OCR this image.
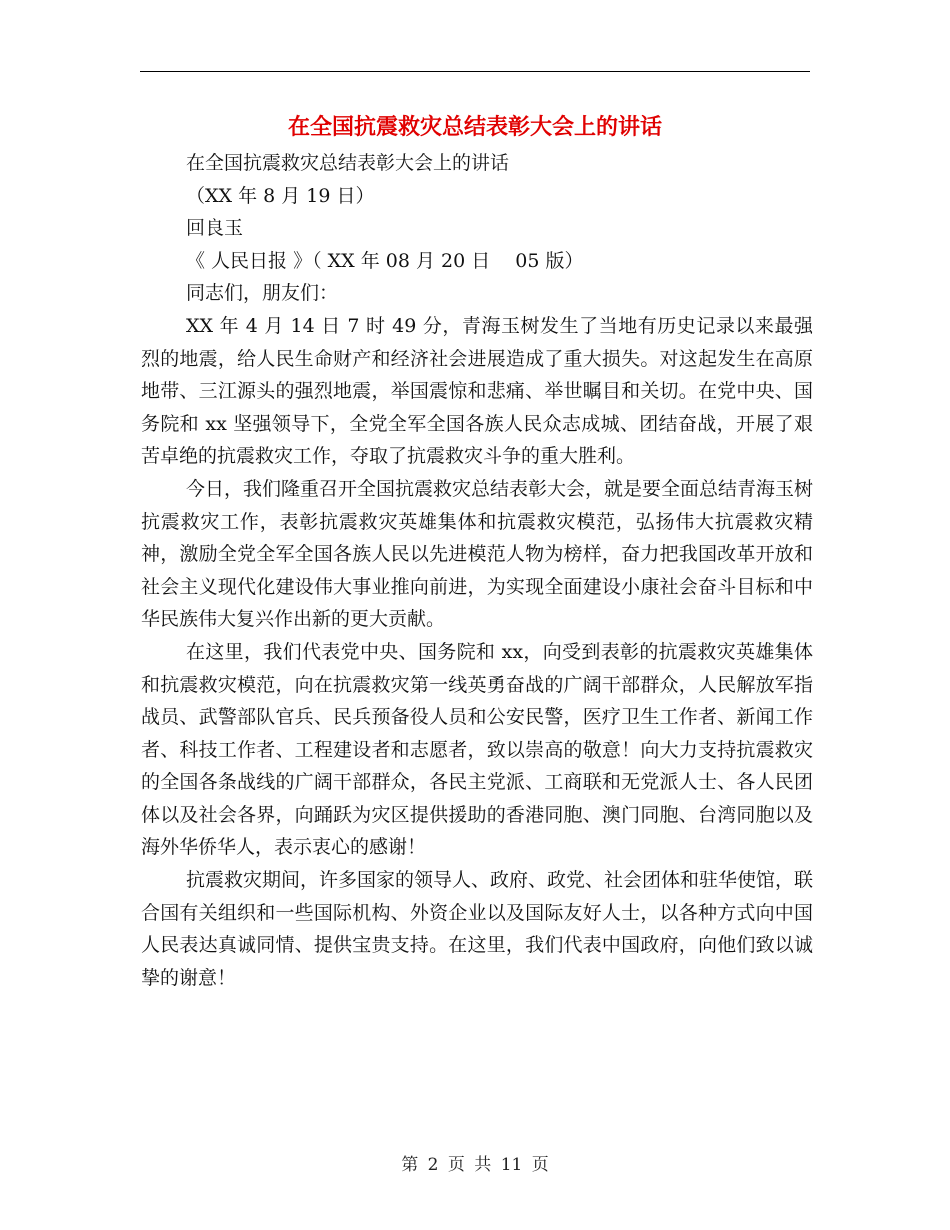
在全国抗震救灾总结表彰大会上的讲话
在全国抗震救灾总结表彰大会上的讲话
（XX 年 8 月 19 日）
回良玉
《 人民日报 》（ XX 年 08 月 20 日　 05 版）
同志们，朋友们：

XX 年 4 月 14 日 7 时 49 分，青海玉树发生了当地有历史记录以来最强烈的地震，给人民生命财产和经济社会进展造成了重大损失。对这起发生在高原地带、三江源头的强烈地震，举国震惊和悲痛、举世瞩目和关切。在党中央、国务院和 xx 坚强领导下，全党全军全国各族人民众志成城、团结奋战，开展了艰苦卓绝的抗震救灾工作，夺取了抗震救灾斗争的重大胜利。

今日，我们隆重召开全国抗震救灾总结表彰大会，就是要全面总结青海玉树抗震救灾工作，表彰抗震救灾英雄集体和抗震救灾模范，弘扬伟大抗震救灾精神，激励全党全军全国各族人民以先进模范人物为榜样，奋力把我国改革开放和社会主义现代化建设伟大事业推向前进，为实现全面建设小康社会奋斗目标和中华民族伟大复兴作出新的更大贡献。

在这里，我们代表党中央、国务院和 xx，向受到表彰的抗震救灾英雄集体和抗震救灾模范，向在抗震救灾第一线英勇奋战的广阔干部群众，人民解放军指战员、武警部队官兵、民兵预备役人员和公安民警，医疗卫生工作者、新闻工作者、科技工作者、工程建设者和志愿者，致以崇高的敬意！向大力支持抗震救灾的全国各条战线的广阔干部群众，各民主党派、工商联和无党派人士、各人民团体以及社会各界，向踊跃为灾区提供援助的香港同胞、澳门同胞、台湾同胞以及海外华侨华人，表示衷心的感谢！

抗震救灾期间，许多国家的领导人、政府、政党、社会团体和驻华使馆，联合国有关组织和一些国际机构、外资企业以及国际友好人士，以各种方式向中国人民表达真诚同情、提供宝贵支持。在这里，我们代表中国政府，向他们致以诚挚的谢意！

第 2 页 共 11 页
